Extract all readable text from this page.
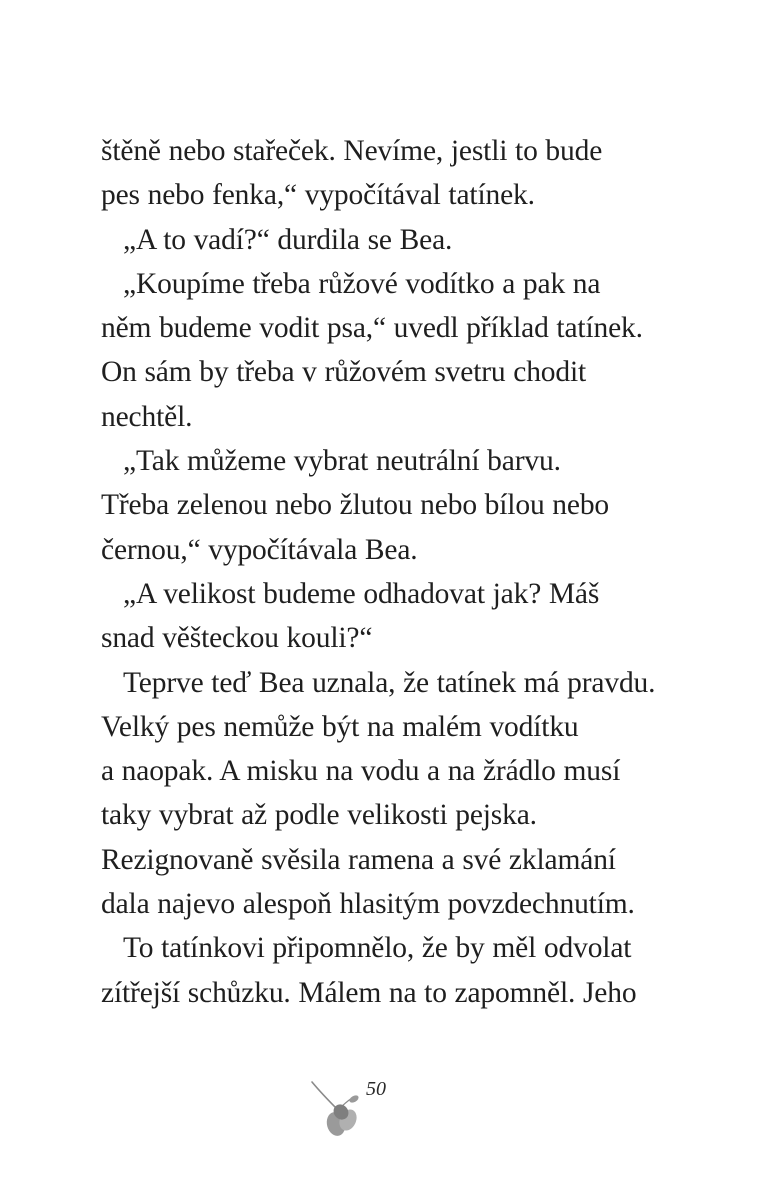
štěně nebo stařeček. Nevíme, jestli to bude
pes nebo fenka,“ vypočítával tatínek.
„A to vadí?“ durdila se Bea.
„Koupíme třeba růžové vodítko a pak na
něm budeme vodit psa,“ uvedl příklad tatínek.
On sám by třeba v růžovém svetru chodit
nechtěl.
„Tak můžeme vybrat neutrální barvu.
Třeba zelenou nebo žlutou nebo bílou nebo
černou,“ vypočítávala Bea.
„A velikost budeme odhadovat jak? Máš
snad věšteckou kouli?“
Teprve teď Bea uznala, že tatínek má pravdu.
Velký pes nemůže být na malém vodítku
a naopak. A misku na vodu a na žrádlo musí
taky vybrat až podle velikosti pejska.
Rezignovaně svěsila ramena a své zklamání
dala najevo alespoň hlasitým povzdechnutím.
To tatínkovi připomnělo, že by měl odvolat
zítřejší schůzku. Málem na to zapomněl. Jeho
50
